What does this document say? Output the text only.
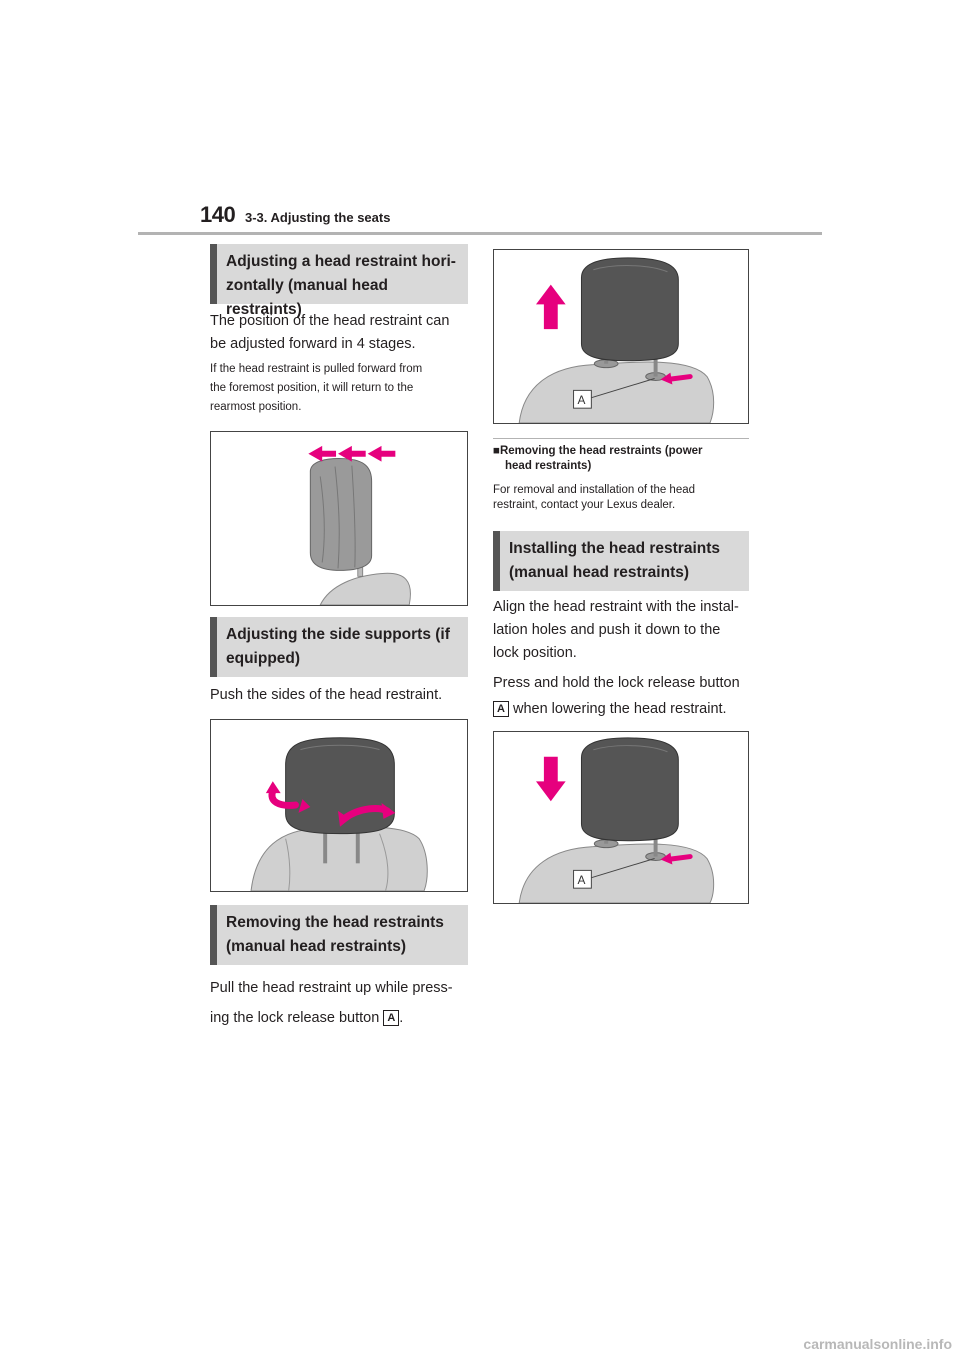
140 3-3. Adjusting the seats
Adjusting a head restraint hori-
zontally (manual head restraints)
The position of the head restraint can
be adjusted forward in 4 stages.
If the head restraint is pulled forward from
the foremost position, it will return to the
rearmost position.
Adjusting the side supports (if
equipped)
Push the sides of the head restraint.
Removing the head restraints
(manual head restraints)
Pull the head restraint up while press-
ing the lock release button A .
A
■Removing the head restraints (power
head restraints)
For removal and installation of the head
restraint, contact your Lexus dealer.
Installing the head restraints
(manual head restraints)
Align the head restraint with the instal-
lation holes and push it down to the
lock position.
Press and hold the lock release button
A when lowering the head restraint.
A
carmanualsonline.info
